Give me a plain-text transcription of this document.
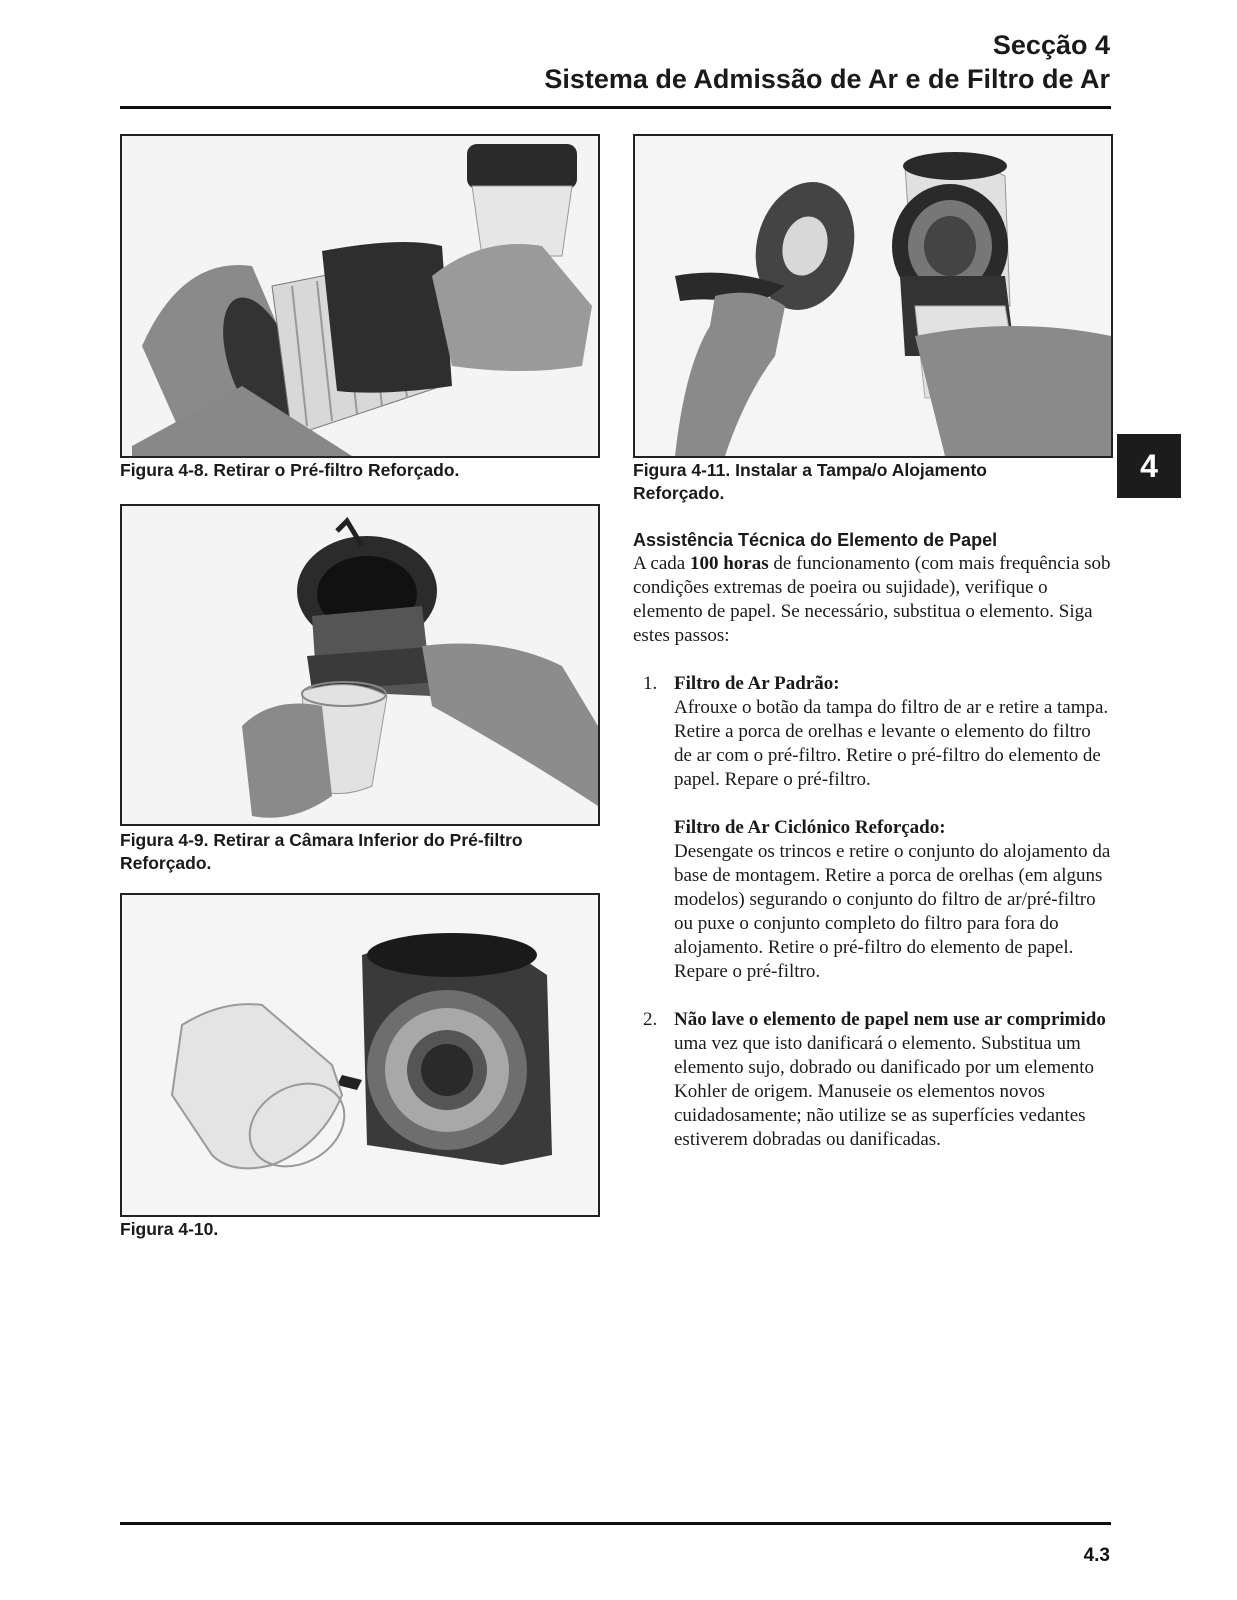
Secção 4
Sistema de Admissão de Ar e de Filtro de Ar
4
Figura 4-8. Retirar o Pré-filtro Reforçado.
Figura 4-9. Retirar a Câmara Inferior do Pré-filtro Reforçado.
Figura 4-10.
Figura 4-11. Instalar a Tampa/o Alojamento Reforçado.
Assistência Técnica do Elemento de Papel

A cada 100 horas de funcionamento (com mais frequência sob condições extremas de poeira ou sujidade), verifique o elemento de papel. Se necessário, substitua o elemento. Siga estes passos:

1. Filtro de Ar Padrão:

Afrouxe o botão da tampa do filtro de ar e retire a tampa. Retire a porca de orelhas e levante o elemento do filtro de ar com o pré-filtro. Retire o pré-filtro do elemento de papel. Repare o pré-filtro.

Filtro de Ar Ciclónico Reforçado:

Desengate os trincos e retire o conjunto do alojamento da base de montagem. Retire a porca de orelhas (em alguns modelos) segurando o conjunto do filtro de ar/pré-filtro ou puxe o conjunto completo do filtro para fora do alojamento. Retire o pré-filtro do elemento de papel. Repare o pré-filtro.

2. Não lave o elemento de papel nem use ar comprimido uma vez que isto danificará o elemento. Substitua um elemento sujo, dobrado ou danificado por um elemento Kohler de origem. Manuseie os elementos novos cuidadosamente; não utilize se as superfícies vedantes estiverem dobradas ou danificadas.

4.3
